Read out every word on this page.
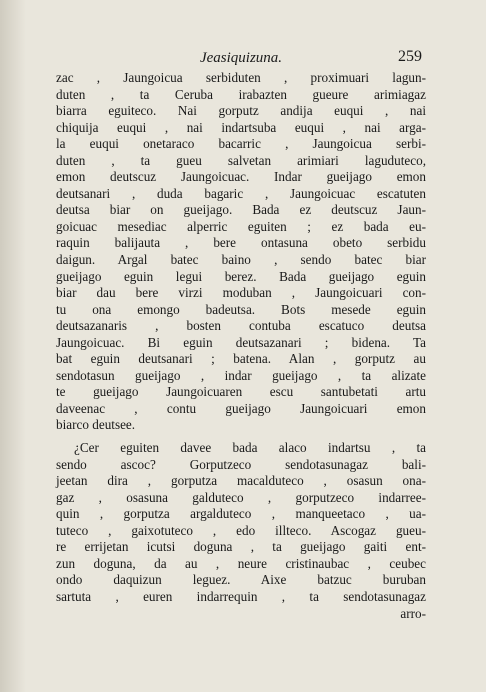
Jeasiquizuna.	259
zac , Jaungoicua serbiduten , proximuari lagun-
duten , ta Ceruba irabazten gueure arimiagaz
biarra eguiteco. Nai gorputz andija euqui , nai
chiquija euqui , nai indartsuba euqui , nai arga-
la euqui onetaraco bacarric , Jaungoicua serbi-
duten , ta gueu salvetan arimiari laguduteco,
emon deutscuz Jaungoicuac. Indar gueijago emon
deutsanari , duda bagaric , Jaungoicuac escatuten
deutsa biar on gueijago. Bada ez deutscuz Jaun-
goicuac mesediac alperric eguiten ; ez bada eu-
raquin balijauta , bere ontasuna obeto serbidu
daigun. Argal batec baino , sendo batec biar
gueijago eguin legui berez. Bada gueijago eguin
biar dau bere virzi moduban , Jaungoicuari con-
tu ona emongo badeutsa. Bots mesede eguin
deutsazanaris , bosten contuba escatuco deutsa
Jaungoicuac. Bi eguin deutsazanari ; bidena. Ta
bat eguin deutsanari ; batena. Alan , gorputz au
sendotasun gueijago , indar gueijago , ta alizate
te gueijago Jaungoicuaren escu santubetati artu
daveenac , contu gueijago Jaungoicuari emon
biarco deutsee.
¿Cer eguiten davee bada alaco indartsu , ta
sendo ascoc? Gorputzeco sendotasunagaz bali-
jeetan dira , gorputza macalduteco , osasun ona-
gaz , osasuna galduteco , gorputzeco indarree-
quin , gorputza argalduteco , manqueetaco , ua-
tuteco , gaixotuteco , edo illteco. Ascogaz gueu-
re errijetan icutsi doguna , ta gueijago gaiti ent-
zun doguna, da au , neure cristinaubac , ceubec
ondo daquizun leguez. Aixe batzuc buruban
sartuta , euren indarrequin , ta sendotasunagaz
arro-
